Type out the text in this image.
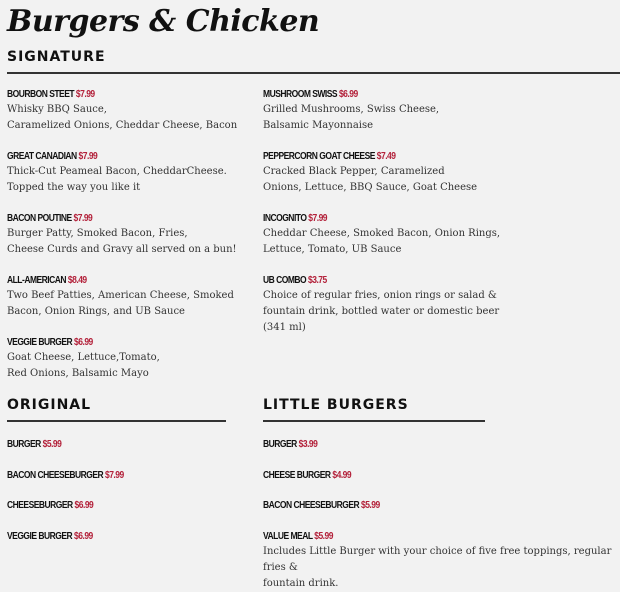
Burgers & Chicken
SIGNATURE
BOURBON STEET $7.99
Whisky BBQ Sauce,
Caramelized Onions, Cheddar Cheese, Bacon
GREAT CANADIAN $7.99
Thick-Cut Peameal Bacon, CheddarCheese.
Topped the way you like it
BACON POUTINE $7.99
Burger Patty, Smoked Bacon, Fries,
Cheese Curds and Gravy all served on a bun!
ALL-AMERICAN $8.49
Two Beef Patties, American Cheese, Smoked
Bacon, Onion Rings, and UB Sauce
VEGGIE BURGER $6.99
Goat Cheese, Lettuce,Tomato,
Red Onions, Balsamic Mayo
MUSHROOM SWISS $6.99
Grilled Mushrooms, Swiss Cheese,
Balsamic Mayonnaise
PEPPERCORN GOAT CHEESE $7.49
Cracked Black Pepper, Caramelized
Onions, Lettuce, BBQ Sauce, Goat Cheese
INCOGNITO $7.99
Cheddar Cheese, Smoked Bacon, Onion Rings,
Lettuce, Tomato, UB Sauce
UB COMBO $3.75
Choice of regular fries, onion rings or salad &
fountain drink, bottled water or domestic beer
(341 ml)
ORIGINAL	LITTLE BURGERS
BURGER $5.99
BACON CHEESEBURGER $7.99
CHEESEBURGER $6.99
VEGGIE BURGER $6.99
BURGER $3.99
CHEESE BURGER $4.99
BACON CHEESEBURGER $5.99
VALUE MEAL $5.99
Includes Little Burger with your choice of five free toppings, regular fries &
fountain drink.
